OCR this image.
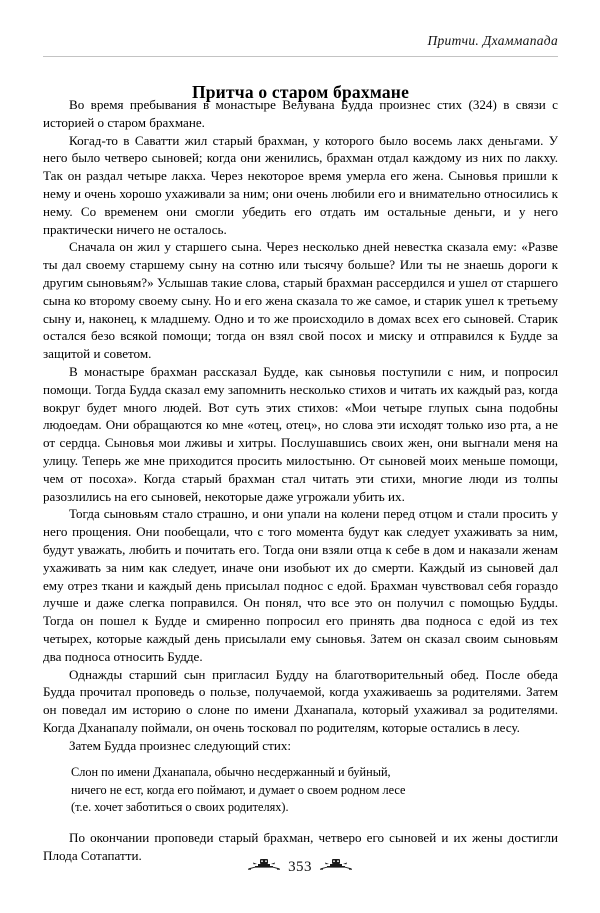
Притчи. Дхаммапада
Притча о старом брахмане

Во время пребывания в монастыре Велувана Будда произнес стих (324) в связи с историей о старом брахмане.

Когад-то в Саватти жил старый брахман, у которого было восемь лакх деньгами. У него было четверо сыновей; когда они женились, брахман отдал каждому из них по лакху. Так он раздал четыре лакха. Через некоторое время умерла его жена. Сыновья пришли к нему и очень хорошо ухаживали за ним; они очень любили его и внимательно относились к нему. Со временем они смогли убедить его отдать им остальные деньги, и у него практически ничего не осталось.

Сначала он жил у старшего сына. Через несколько дней невестка сказала ему: «Разве ты дал своему старшему сыну на сотню или тысячу больше? Или ты не знаешь дороги к другим сыновьям?» Услышав такие слова, старый брахман рассердился и ушел от старшего сына ко второму своему сыну. Но и его жена сказала то же самое, и старик ушел к третьему сыну и, наконец, к младшему. Одно и то же происходило в домах всех его сыновей. Старик остался безо всякой помощи; тогда он взял свой посох и миску и отправился к Будде за защитой и советом.

В монастыре брахман рассказал Будде, как сыновья поступили с ним, и попросил помощи. Тогда Будда сказал ему запомнить несколько стихов и читать их каждый раз, когда вокруг будет много людей. Вот суть этих стихов: «Мои четыре глупых сына подобны людоедам. Они обращаются ко мне «отец, отец», но слова эти исходят только изо рта, а не от сердца. Сыновья мои лживы и хитры. Послушавшись своих жен, они выгнали меня на улицу. Теперь же мне приходится просить милостыню. От сыновей моих меньше помощи, чем от посоха». Когда старый брахман стал читать эти стихи, многие люди из толпы разозлились на его сыновей, некоторые даже угрожали убить их.

Тогда сыновьям стало страшно, и они упали на колени перед отцом и стали просить у него прощения. Они пообещали, что с того момента будут как следует ухаживать за ним, будут уважать, любить и почитать его. Тогда они взяли отца к себе в дом и наказали женам ухаживать за ним как следует, иначе они изобьют их до смерти. Каждый из сыновей дал ему отрез ткани и каждый день присылал поднос с едой. Брахман чувствовал себя гораздо лучше и даже слегка поправился. Он понял, что все это он получил с помощью Будды. Тогда он пошел к Будде и смиренно попросил его принять два подноса с едой из тех четырех, которые каждый день присылали ему сыновья. Затем он сказал своим сыновьям два подноса относить Будде.

Однажды старший сын пригласил Будду на благотворительный обед. После обеда Будда прочитал проповедь о пользе, получаемой, когда ухаживаешь за родителями. Затем он поведал им историю о слоне по имени Дханапала, который ухаживал за родителями. Когда Дханапалу поймали, он очень тосковал по родителям, которые остались в лесу.

Затем Будда произнес следующий стих:

Слон по имени Дханапала, обычно несдержанный и буйный,
ничего не ест, когда его поймают, и думает о своем родном лесе
(т.е. хочет заботиться о своих родителях).

По окончании проповеди старый брахман, четверо его сыновей и их жены достигли Плода Сотапатти.

353
